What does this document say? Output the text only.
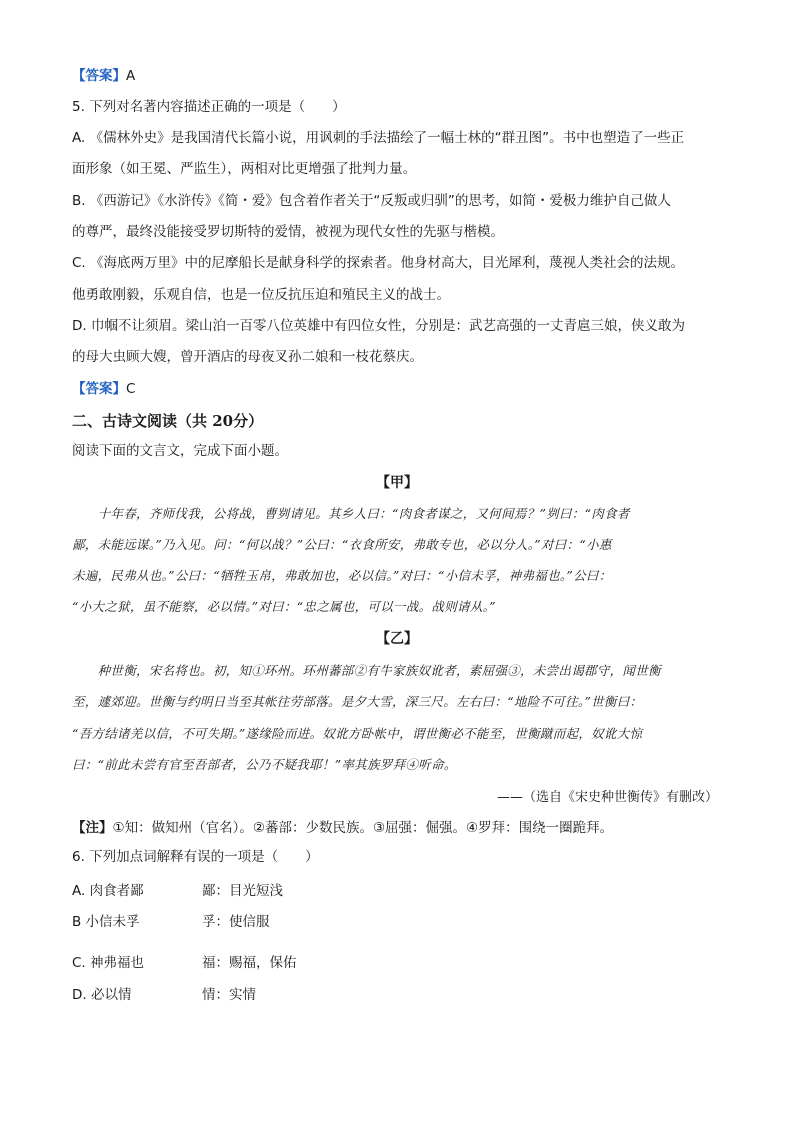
【答案】A
5. 下列对名著内容描述正确的一项是（　　）
A. 《儒林外史》是我国清代长篇小说，用讽刺的手法描绘了一幅士林的“群丑图”。书中也塑造了一些正
面形象（如王冕、严监生），两相对比更增强了批判力量。
B. 《西游记》《水浒传》《简・爱》包含着作者关于“反叛或归驯”的思考，如简・爱极力维护自己做人
的尊严，最终没能接受罗切斯特的爱情，被视为现代女性的先驱与楷模。
C. 《海底两万里》中的尼摩船长是献身科学的探索者。他身材高大，目光犀利，蔑视人类社会的法规。
他勇敢刚毅，乐观自信，也是一位反抗压迫和殖民主义的战士。
D. 巾帼不让须眉。梁山泊一百零八位英雄中有四位女性，分别是：武艺高强的一丈青扈三娘，侠义敢为
的母大虫顾大嫂，曾开酒店的母夜叉孙二娘和一枝花蔡庆。
【答案】C
二、古诗文阅读（共 20分）
阅读下面的文言文，完成下面小题。
【甲】
　　十年春，齐师伐我，公将战，曹刿请见。其乡人曰：“肉食者谋之，又何间焉？”刿曰：“肉食者
鄙，未能远谋。”乃入见。问：“何以战？”公曰：“衣食所安，弗敢专也，必以分人。”对曰：“小惠
未遍，民弗从也。”公曰：“牺牲玉帛，弗敢加也，必以信。”对曰：“小信未孚，神弗福也。”公曰：
“小大之狱，虽不能察，必以情。”对曰：“忠之属也，可以一战。战则请从。”
【乙】
　　种世衡，宋名将也。初，知①环州。环州蕃部②有牛家族奴讹者，素屈强③，未尝出谒郡守，闻世衡
至，遽郊迎。世衡与约明日当至其帐往劳部落。是夕大雪，深三尺。左右曰：“地险不可往。”世衡曰：
“吾方结诸羌以信，不可失期。”遂缘险而进。奴讹方卧帐中，谓世衡必不能至，世衡蹴而起，奴讹大惊
曰：“前此未尝有官至吾部者，公乃不疑我耶！”率其族罗拜④听命。
——（选自《宋史种世衡传》有删改）
【注】①知：做知州（官名）。②蕃部：少数民族。③屈强：倔强。④罗拜：围绕一圈跪拜。
6. 下列加点词解释有误的一项是（　　）
A. 肉食者鄙	鄙：目光短浅
B 小信未孚	孚：使信服
C. 神弗福也	福：赐福，保佑
D. 必以情	情：实情
